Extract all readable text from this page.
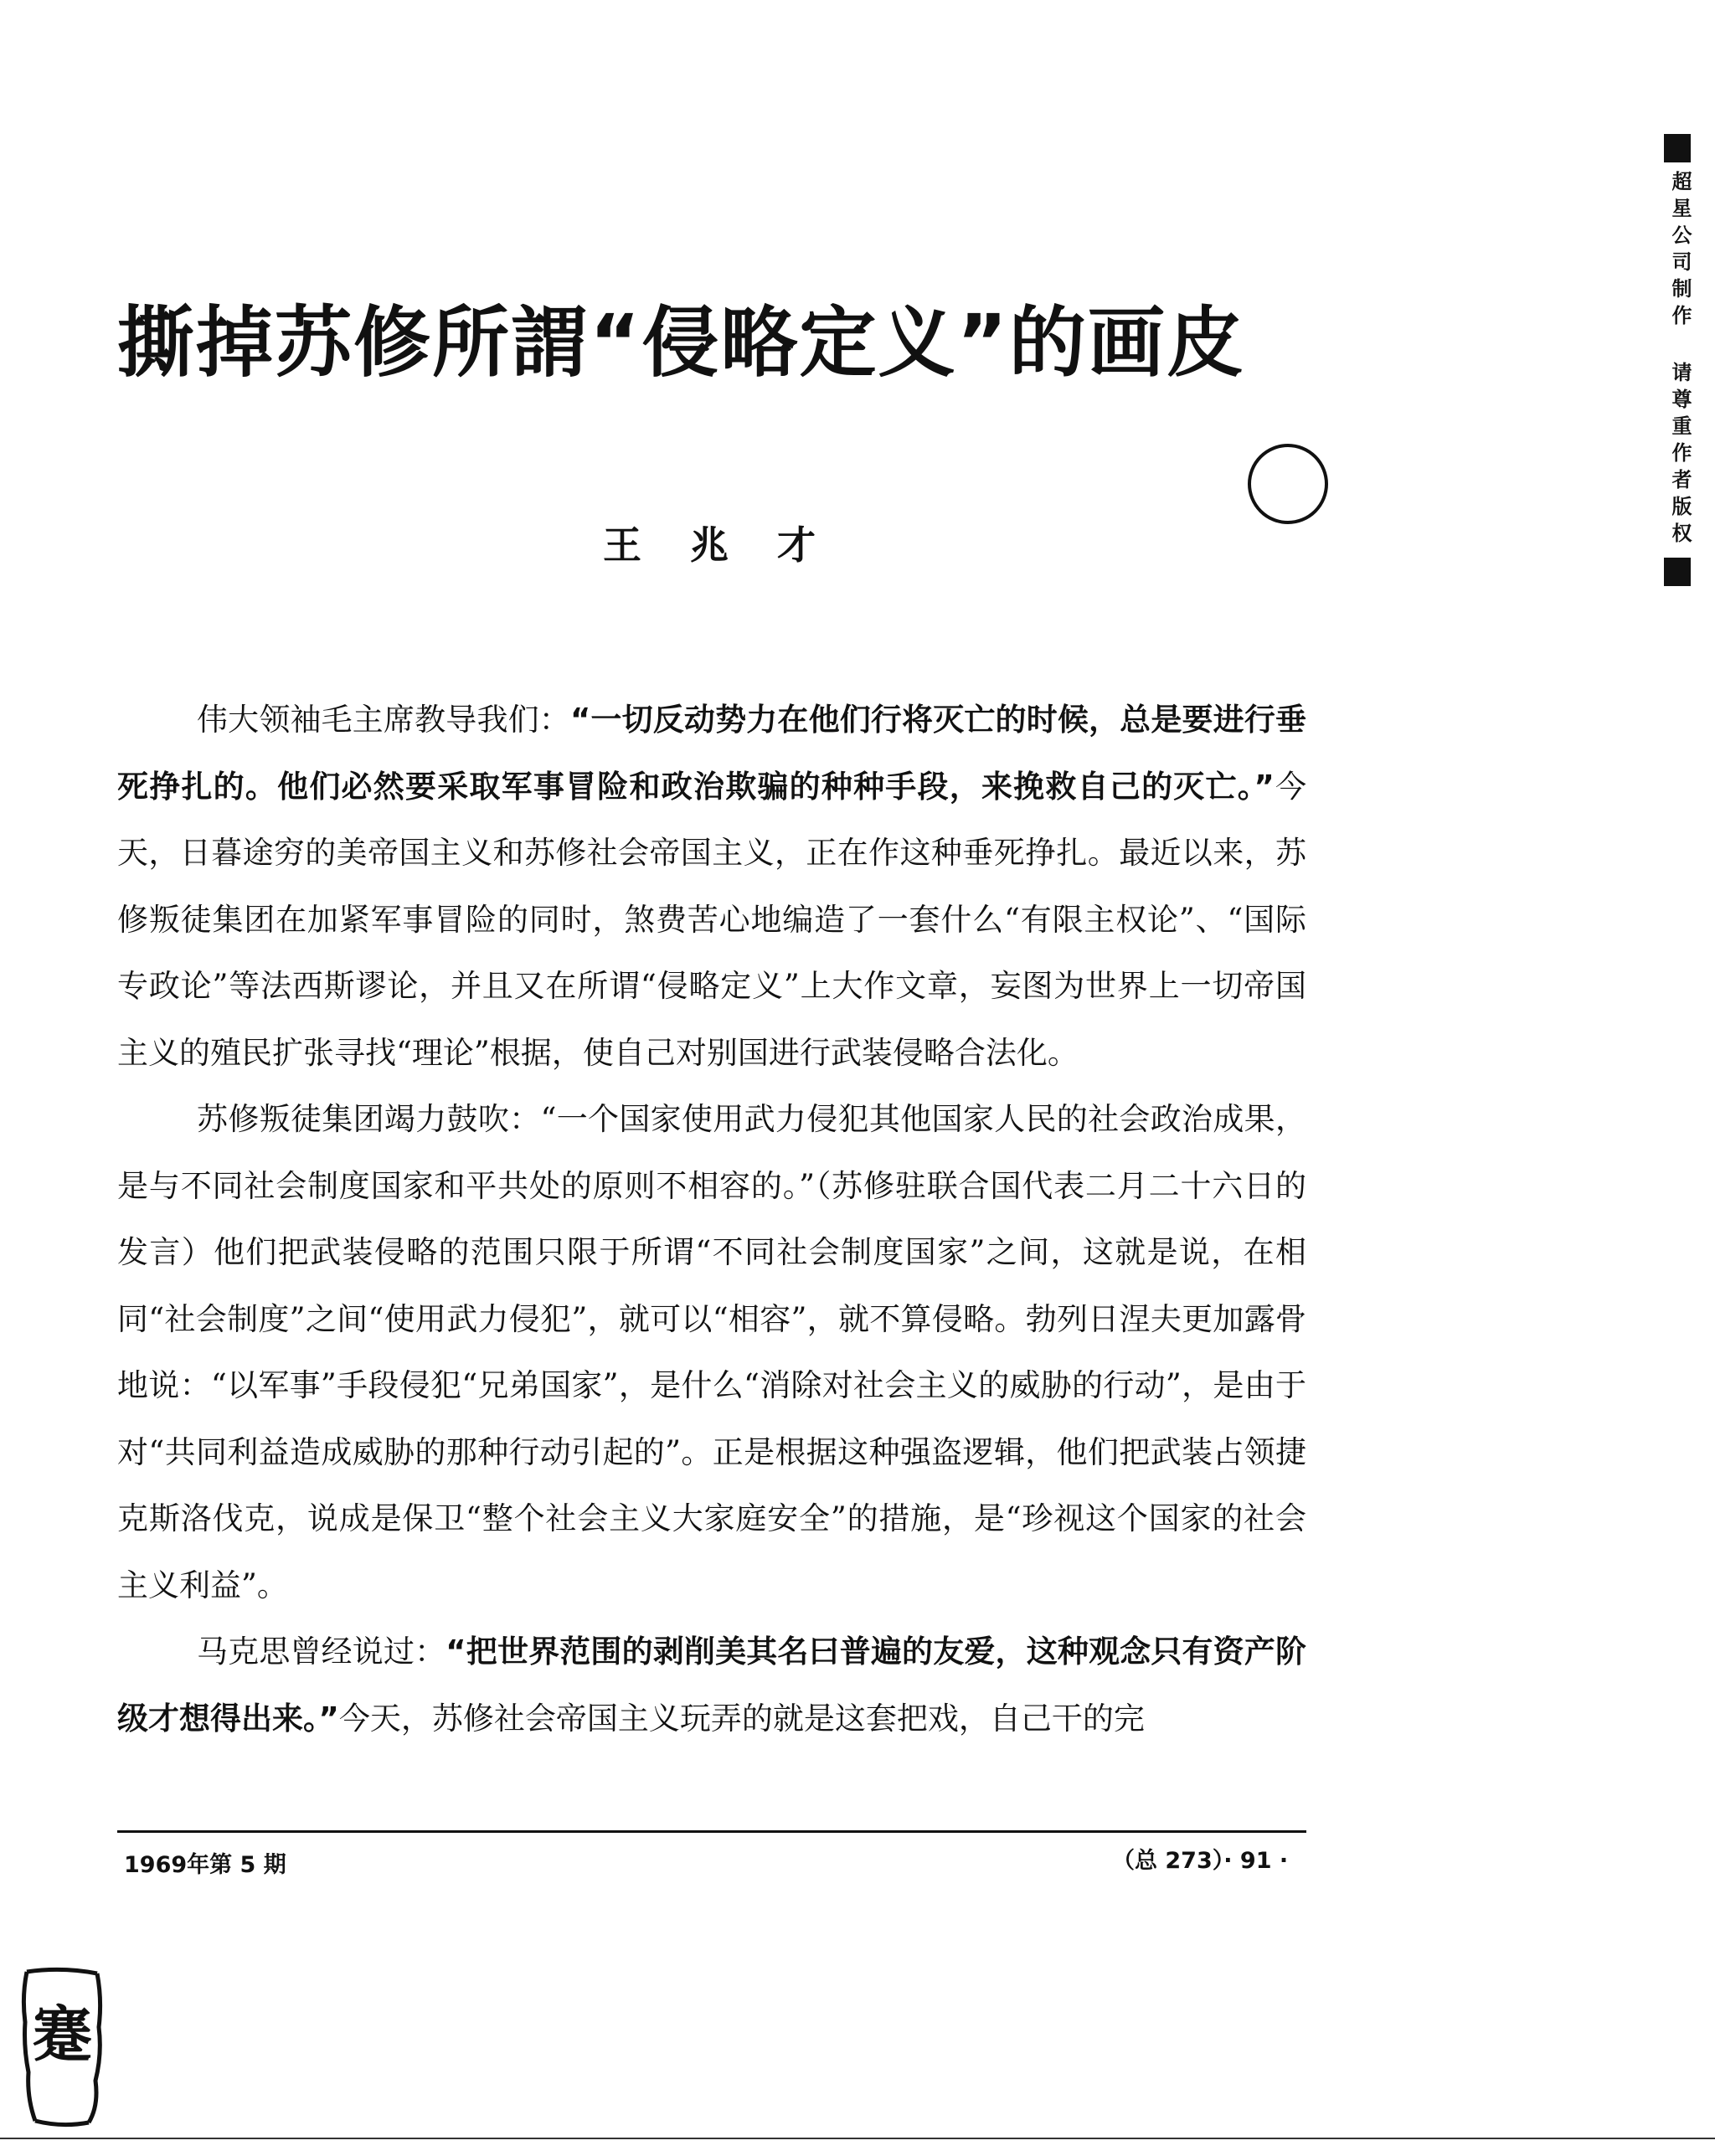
撕掉苏修所謂“侵略定义”的画皮
王兆才	超星公司制作 请尊重作者版权

伟大领袖毛主席教导我们：“一切反动势力在他们行将灭亡的时候，总是要进行垂死挣扎的。他们必然要采取军事冒险和政治欺骗的种种手段，来挽救自己的灭亡。”今天，日暮途穷的美帝国主义和苏修社会帝国主义，正在作这种垂死挣扎。最近以来，苏修叛徒集团在加紧军事冒险的同时，煞费苦心地编造了一套什么“有限主权论”、“国际专政论”等法西斯谬论，并且又在所谓“侵略定义”上大作文章，妄图为世界上一切帝国主义的殖民扩张寻找“理论”根据，使自己对别国进行武装侵略合法化。

苏修叛徒集团竭力鼓吹：“一个国家使用武力侵犯其他国家人民的社会政治成果，是与不同社会制度国家和平共处的原则不相容的。”（苏修驻联合国代表二月二十六日的发言）他们把武装侵略的范围只限于所谓“不同社会制度国家”之间，这就是说，在相同“社会制度”之间“使用武力侵犯”，就可以“相容”，就不算侵略。勃列日涅夫更加露骨地说：“以军事”手段侵犯“兄弟国家”，是什么“消除对社会主义的威胁的行动”，是由于对“共同利益造成威胁的那种行动引起的”。正是根据这种强盗逻辑，他们把武装占领捷克斯洛伐克，说成是保卫“整个社会主义大家庭安全”的措施，是“珍视这个国家的社会主义利益”。

马克思曾经说过：“把世界范围的剥削美其名曰普遍的友爱，这种观念只有资产阶级才想得出来。”今天，苏修社会帝国主义玩弄的就是这套把戏，自己干的完

1969年第 5 期	（总 273）· 91 ·
蹇
